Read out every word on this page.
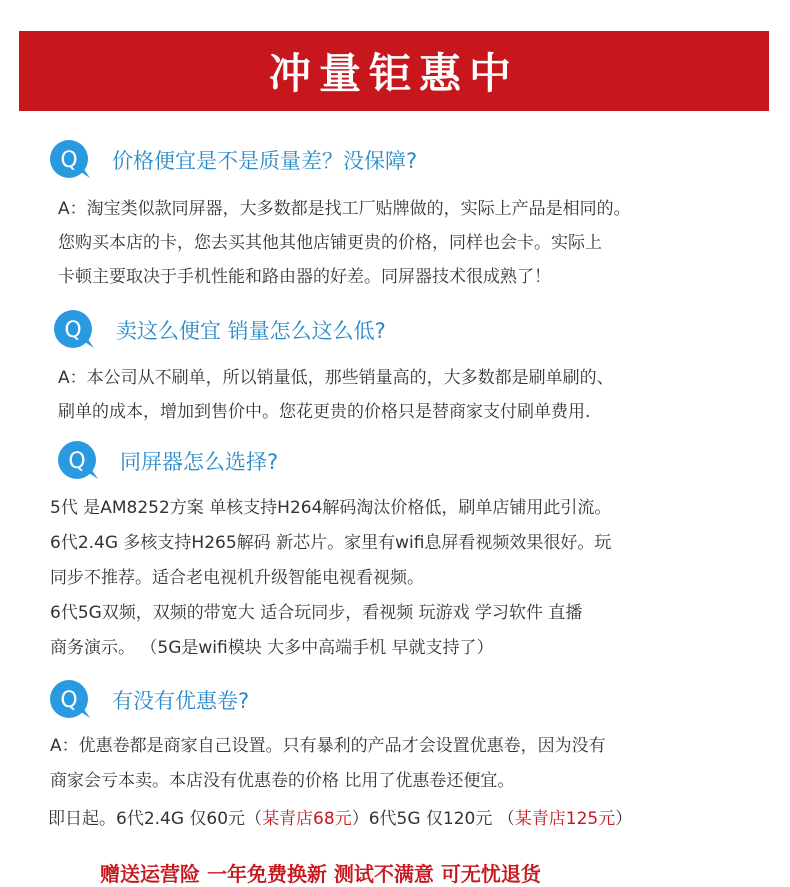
冲量钜惠中
Q 价格便宜是不是质量差？没保障?
A：淘宝类似款同屏器，大多数都是找工厂贴牌做的，实际上产品是相同的。
您购买本店的卡，您去买其他其他店铺更贵的价格，同样也会卡。实际上
卡顿主要取决于手机性能和路由器的好差。同屏器技术很成熟了！
Q 卖这么便宜 销量怎么这么低?
A：本公司从不刷单，所以销量低，那些销量高的，大多数都是刷单刷的、
刷单的成本，增加到售价中。您花更贵的价格只是替商家支付刷单费用.
Q 同屏器怎么选择?
5代 是AM8252方案 单核支持H264解码淘汰价格低，刷单店铺用此引流。
6代2.4G 多核支持H265解码 新芯片。家里有wifi息屏看视频效果很好。玩
同步不推荐。适合老电视机升级智能电视看视频。
6代5G双频，双频的带宽大 适合玩同步，看视频 玩游戏 学习软件 直播
商务演示。 （5G是wifi模块 大多中高端手机 早就支持了）
Q 有没有优惠卷?
A：优惠卷都是商家自己设置。只有暴利的产品才会设置优惠卷，因为没有
商家会亏本卖。本店没有优惠卷的价格 比用了优惠卷还便宜。
即日起。6代2.4G 仅60元（某青店68元）6代5G 仅120元 （某青店125元）
赠送运营险 一年免费换新 测试不满意 可无忧退货
